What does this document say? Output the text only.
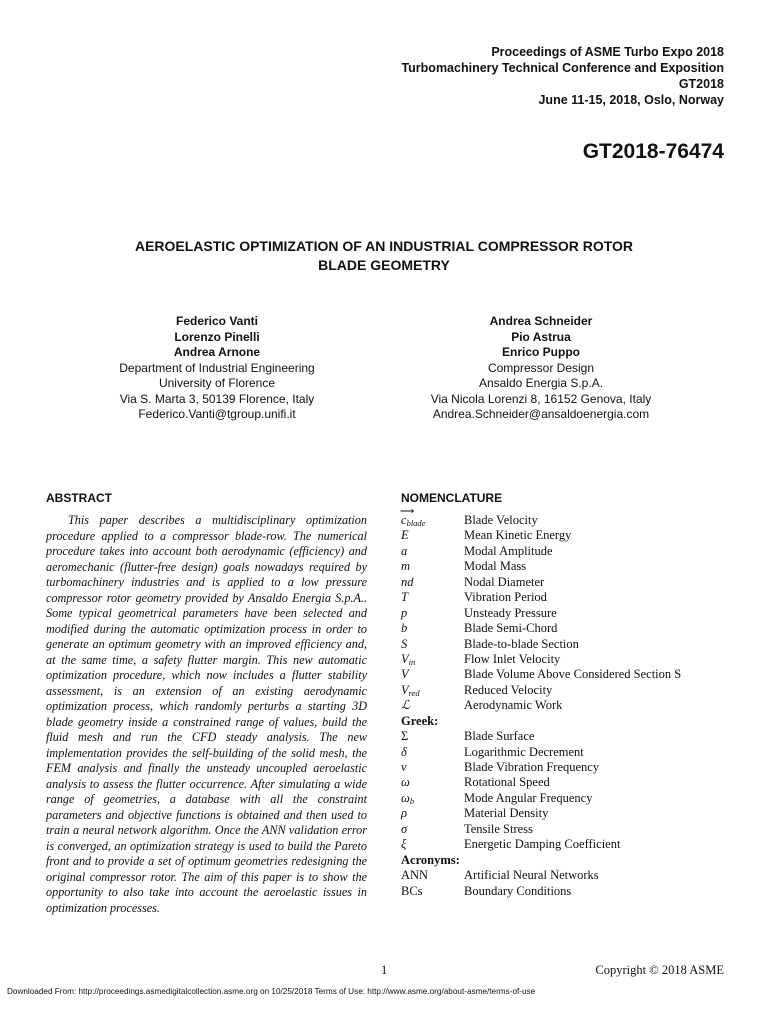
Proceedings of ASME Turbo Expo 2018
Turbomachinery Technical Conference and Exposition
GT2018
June 11-15, 2018, Oslo, Norway
GT2018-76474
AEROELASTIC OPTIMIZATION OF AN INDUSTRIAL COMPRESSOR ROTOR
BLADE GEOMETRY
Federico Vanti
Lorenzo Pinelli
Andrea Arnone
Department of Industrial Engineering
University of Florence
Via S. Marta 3, 50139 Florence, Italy
Federico.Vanti@tgroup.unifi.it
Andrea Schneider
Pio Astrua
Enrico Puppo
Compressor Design
Ansaldo Energia S.p.A.
Via Nicola Lorenzi 8, 16152 Genova, Italy
Andrea.Schneider@ansaldoenergia.com
ABSTRACT

This paper describes a multidisciplinary optimization procedure applied to a compressor blade-row. The numerical procedure takes into account both aerodynamic (efficiency) and aeromechanic (flutter-free design) goals nowadays required by turbomachinery industries and is applied to a low pressure compressor rotor geometry provided by Ansaldo Energia S.p.A.. Some typical geometrical parameters have been selected and modified during the automatic optimization process in order to generate an optimum geometry with an improved efficiency and, at the same time, a safety flutter margin. This new automatic optimization procedure, which now includes a flutter stability assessment, is an extension of an existing aerodynamic optimization process, which randomly perturbs a starting 3D blade geometry inside a constrained range of values, build the fluid mesh and run the CFD steady analysis. The new implementation provides the self-building of the solid mesh, the FEM analysis and finally the unsteady uncoupled aeroelastic analysis to assess the flutter occurrence. After simulating a wide range of geometries, a database with all the constraint parameters and objective functions is obtained and then used to train a neural network algorithm. Once the ANN validation error is converged, an optimization strategy is used to build the Pareto front and to provide a set of optimum geometries redesigning the original compressor rotor. The aim of this paper is to show the opportunity to also take into account the aeroelastic issues in optimization processes.

NOMENCLATURE
⟶
$c_{blade}$	Blade Velocity
E	Mean Kinetic Energy
a	Modal Amplitude
m	Modal Mass
nd	Nodal Diameter
T	Vibration Period
p	Unsteady Pressure
b	Blade Semi-Chord
S	Blade-to-blade Section
$V_{in}$	Flow Inlet Velocity
V	Blade Volume Above Considered Section S
$V_{red}$	Reduced Velocity
ℒ	Aerodynamic Work
Greek:
Σ	Blade Surface
δ	Logarithmic Decrement
ν	Blade Vibration Frequency
ω	Rotational Speed
$\omega_b$	Mode Angular Frequency
ρ	Material Density
σ	Tensile Stress
ξ	Energetic Damping Coefficient
Acronyms:
ANN	Artificial Neural Networks
BCs	Boundary Conditions
1	Copyright © 2018 ASME
Downloaded From: http://proceedings.asmedigitalcollection.asme.org on 10/25/2018 Terms of Use: http://www.asme.org/about-asme/terms-of-use
